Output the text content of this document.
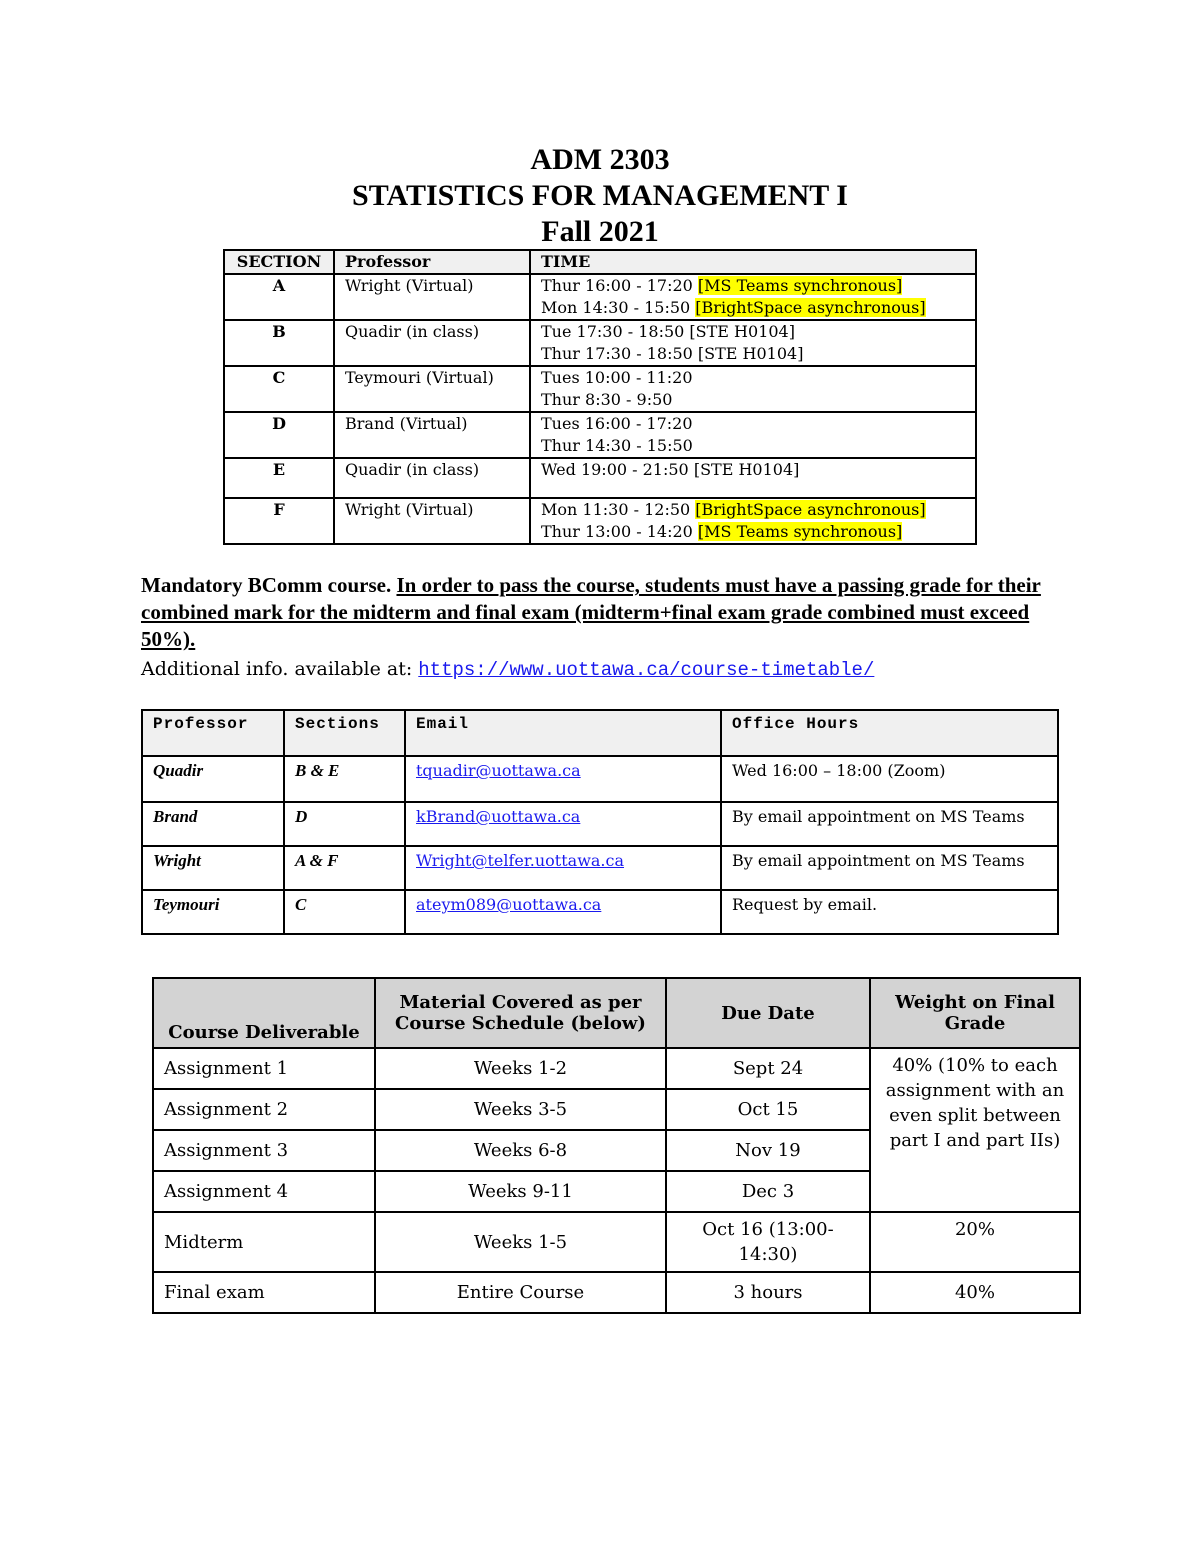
ADM 2303
STATISTICS FOR MANAGEMENT I
Fall 2021
SECTION	Professor	TIME
A	Wright (Virtual)	Thur 16:00 - 17:20 [MS Teams synchronous]
Mon 14:30 - 15:50 [BrightSpace asynchronous]

B	Quadir (in class)	Tue 17:30 - 18:50 [STE H0104]
Thur 17:30 - 18:50 [STE H0104]

C	Teymouri (Virtual)	Tues 10:00 - 11:20
Thur 8:30 - 9:50

D	Brand (Virtual)	Tues 16:00 - 17:20
Thur 14:30 - 15:50

E	Quadir (in class)	Wed 19:00 - 21:50 [STE H0104]

F	Wright (Virtual)	Mon 11:30 - 12:50 [BrightSpace asynchronous]
Thur 13:00 - 14:20 [MS Teams synchronous]
Mandatory BComm course. In order to pass the course, students must have a passing grade for their combined mark for the midterm and final exam (midterm+final exam grade combined must exceed 50%).
Additional info. available at: https://www.uottawa.ca/course-timetable/
Professor	Sections	Email	Office Hours
Quadir	B & E	tquadir@uottawa.ca	Wed 16:00 – 18:00 (Zoom)
Brand	D	kBrand@uottawa.ca	By email appointment on MS Teams
Wright	A & F	Wright@telfer.uottawa.ca	By email appointment on MS Teams
Teymouri	C	ateym089@uottawa.ca	Request by email.
Course Deliverable	Material Covered as per Course Schedule (below)	Due Date	Weight on Final Grade
Assignment 1	Weeks 1-2	Sept 24	40% (10% to each assignment with an even split between part I and part IIs)
Assignment 2	Weeks 3-5	Oct 15	
Assignment 3	Weeks 6-8	Nov 19	
Assignment 4	Weeks 9-11	Dec 3	
Midterm	Weeks 1-5	Oct 16 (13:00-14:30)	20%
Final exam	Entire Course	3 hours	40%
